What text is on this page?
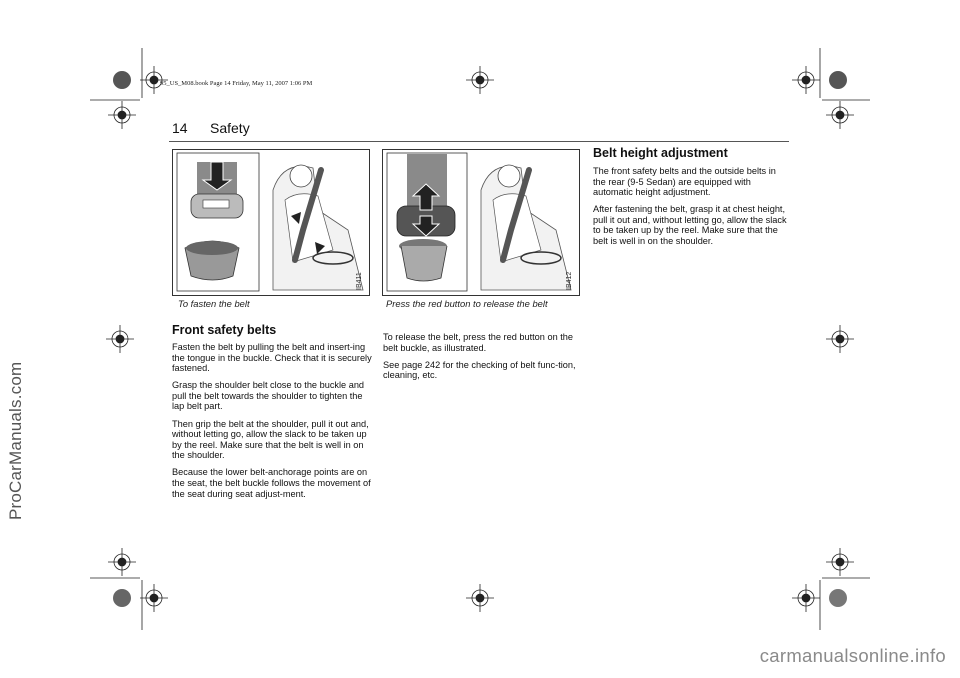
95_US_M08.book Page 14 Friday, May 11, 2007 1:06 PM
14 Safety
IB411
To fasten the belt
IB412
Press the red button to release the belt
Front safety belts

Fasten the belt by pulling the belt and insert-ing the tongue in the buckle. Check that it is securely fastened.

Grasp the shoulder belt close to the buckle and pull the belt towards the shoulder to tighten the lap belt part.

Then grip the belt at the shoulder, pull it out and, without letting go, allow the slack to be taken up by the reel. Make sure that the belt is well in on the shoulder.

Because the lower belt-anchorage points are on the seat, the belt buckle follows the movement of the seat during seat adjust-ment.

To release the belt, press the red button on the belt buckle, as illustrated.

See page 242 for the checking of belt func-tion, cleaning, etc.

Belt height adjustment

The front safety belts and the outside belts in the rear (9-5 Sedan) are equipped with automatic height adjustment.

After fastening the belt, grasp it at chest height, pull it out and, without letting go, allow the slack to be taken up by the reel. Make sure that the belt is well in on the shoulder.

ProCarManuals.com
carmanualsonline.info
